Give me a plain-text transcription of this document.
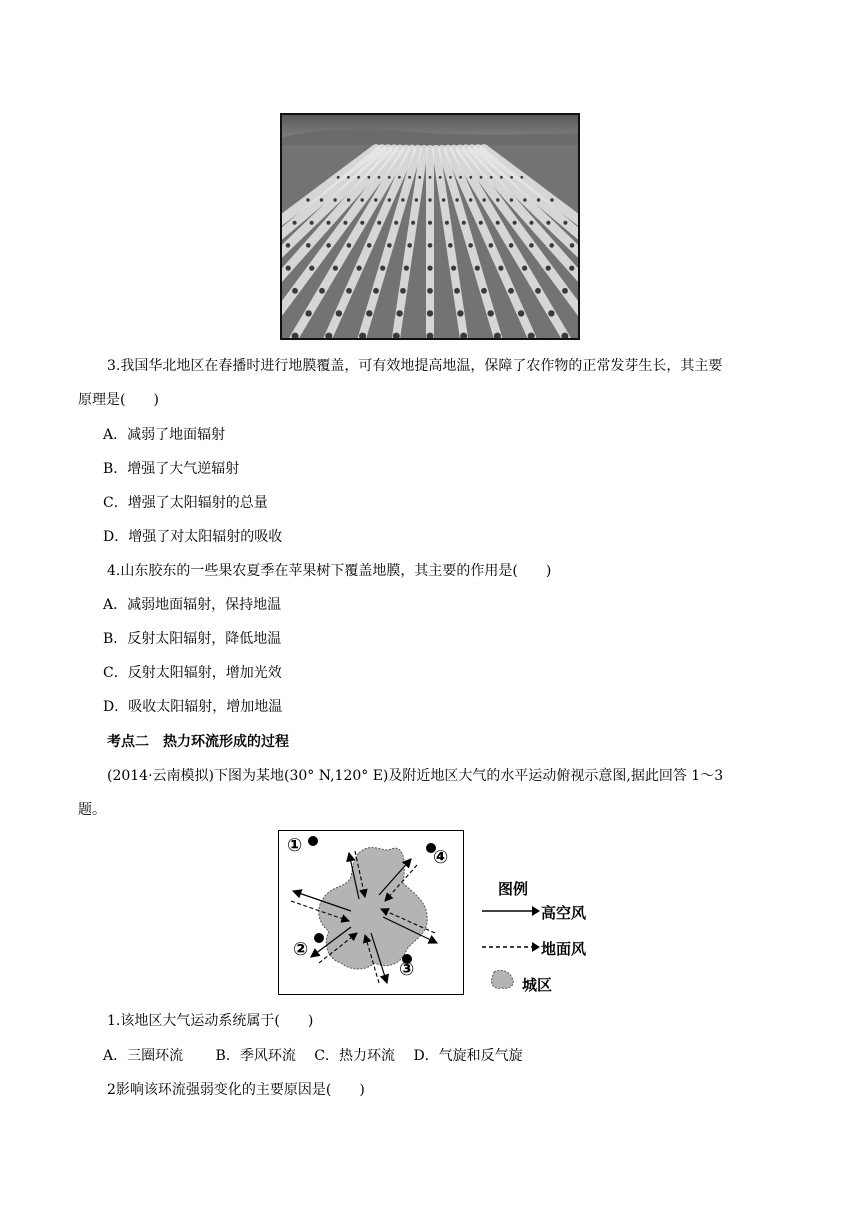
3.我国华北地区在春播时进行地膜覆盖，可有效地提高地温，保障了农作物的正常发芽生长，其主要
原理是(　　)
A．减弱了地面辐射
B．增强了大气逆辐射
C．增强了太阳辐射的总量
D．增强了对太阳辐射的吸收
4.山东胶东的一些果农夏季在苹果树下覆盖地膜，其主要的作用是(　　)
A．减弱地面辐射，保持地温
B．反射太阳辐射，降低地温
C．反射太阳辐射，增加光效
D．吸收太阳辐射，增加地温
考点二　热力环流形成的过程
(2014·云南模拟)下图为某地(30° N,120° E)及附近地区大气的水平运动俯视示意图,据此回答 1～3
题。
①
④
②
③
图例
高空风
地面风
城区
1.该地区大气运动系统属于(　　)
A．三圈环流　　 B．季风环流　 C．热力环流　 D．气旋和反气旋
2影响该环流强弱变化的主要原因是(　　)
